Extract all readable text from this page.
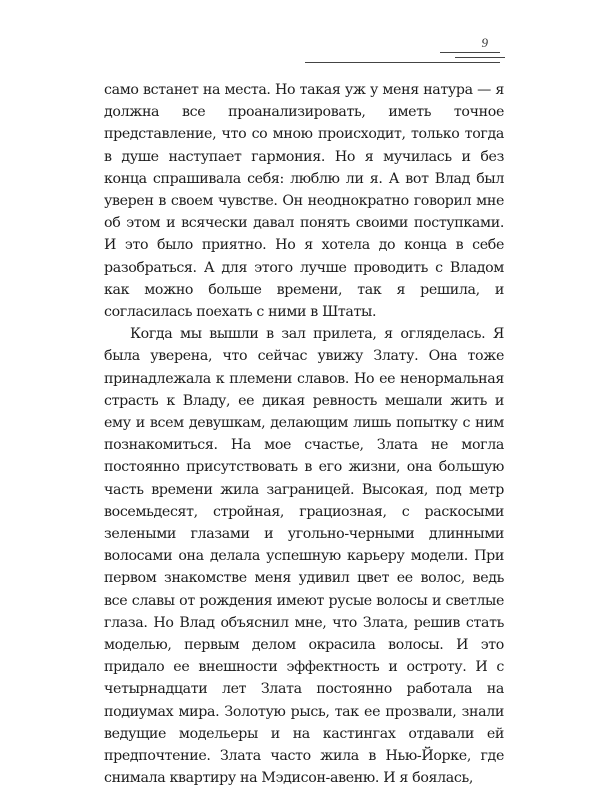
9

само встанет на места. Но такая уж у меня натура — я должна все проанализировать, иметь точное представление, что со мною происходит, только тогда в душе наступает гармония. Но я мучилась и без конца спрашивала себя: люблю ли я. А вот Влад был уверен в своем чувстве. Он неоднократно говорил мне об этом и всячески давал понять своими поступками. И это было приятно. Но я хотела до конца в себе разобраться. А для этого лучше проводить с Владом как можно больше времени, так я решила, и согласилась поехать с ними в Штаты.

Когда мы вышли в зал прилета, я огляделась. Я была уверена, что сейчас увижу Злату. Она тоже принадлежала к племени славов. Но ее ненормальная страсть к Владу, ее дикая ревность мешали жить и ему и всем девушкам, делающим лишь попытку с ним познакомиться. На мое счастье, Злата не могла постоянно присутствовать в его жизни, она большую часть времени жила заграницей. Высокая, под метр восемьдесят, стройная, грациозная, с раскосыми зелеными глазами и угольно-черными длинными волосами она делала успешную карьеру модели. При первом знакомстве меня удивил цвет ее волос, ведь все славы от рождения имеют русые волосы и светлые глаза. Но Влад объяснил мне, что Злата, решив стать моделью, первым делом окрасила волосы. И это придало ее внешности эффектность и остроту. И с четырнадцати лет Злата постоянно работала на подиумах мира. Золотую рысь, так ее прозвали, знали ведущие модельеры и на кастингах отдавали ей предпочтение. Злата часто жила в Нью-Йорке, где снимала квартиру на Мэдисон-авеню. И я боялась,
